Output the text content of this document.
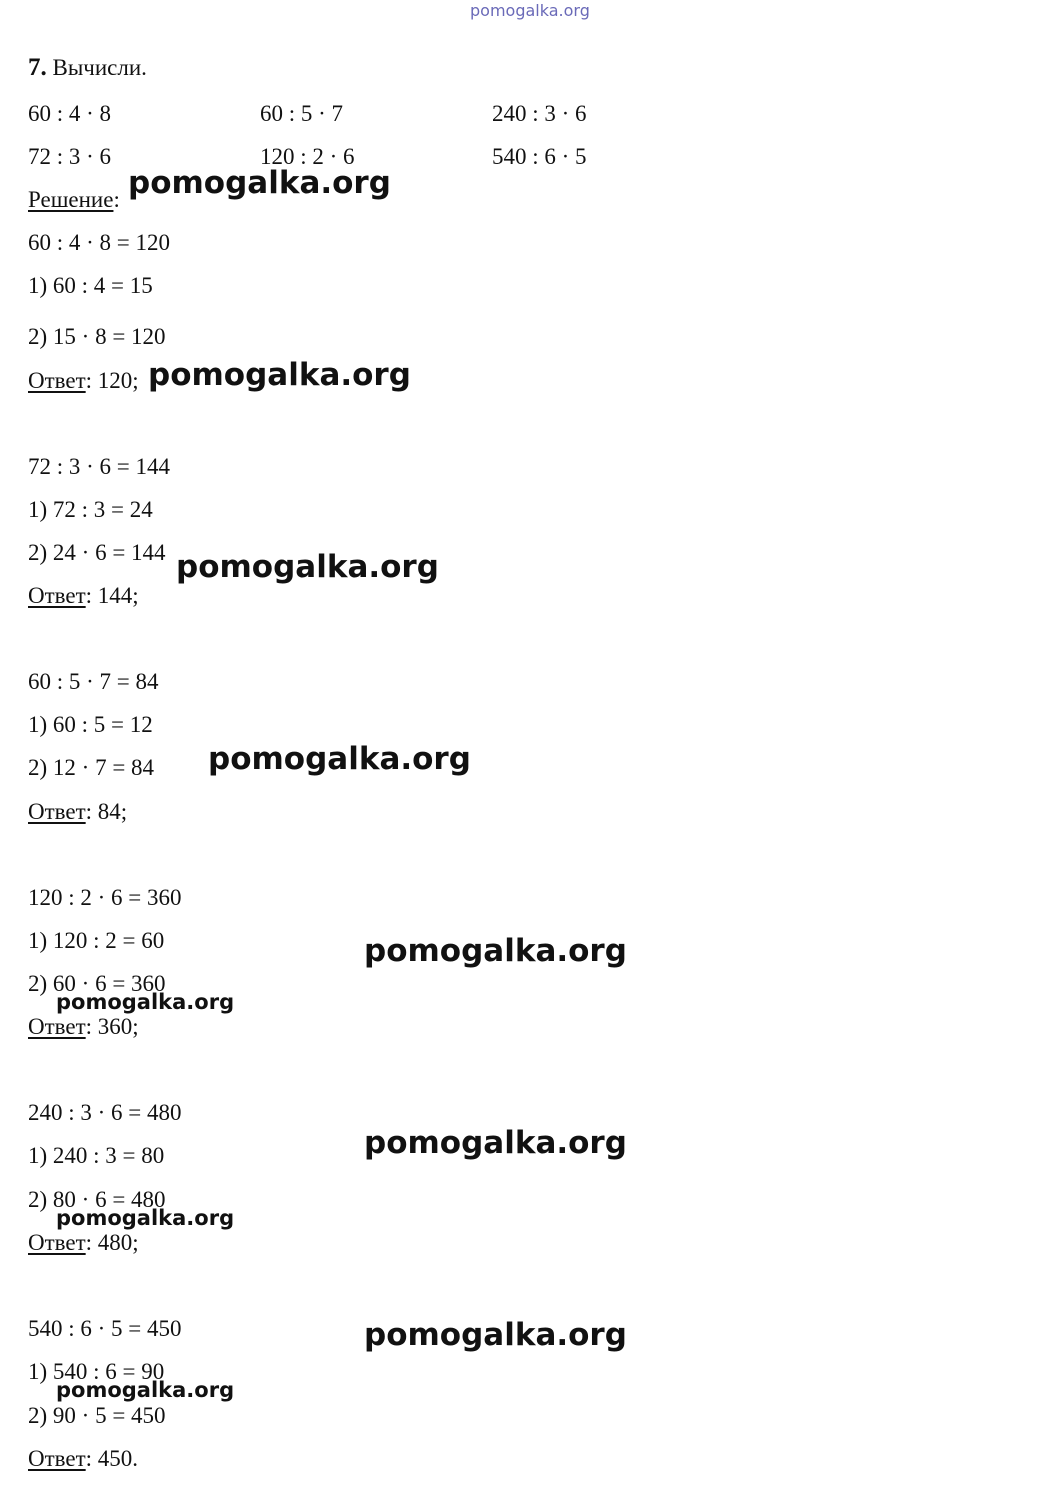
pomogalka.org
7. Вычисли.
60 : 4 · 8	60 : 5 · 7	240 : 3 · 6
72 : 3 · 6	120 : 2 · 6	540 : 6 · 5
Решение:
60 : 4 · 8 = 120
1) 60 : 4 = 15
2) 15 · 8 = 120
Ответ: 120;
72 : 3 · 6 = 144
1) 72 : 3 = 24
2) 24 · 6 = 144
Ответ: 144;
60 : 5 · 7 = 84
1) 60 : 5 = 12
2) 12 · 7 = 84
Ответ: 84;
120 : 2 · 6 = 360
1) 120 : 2 = 60
2) 60 · 6 = 360
Ответ: 360;
240 : 3 · 6 = 480
1) 240 : 3 = 80
2) 80 · 6 = 480
Ответ: 480;
540 : 6 · 5 = 450
1) 540 : 6 = 90
2) 90 · 5 = 450
Ответ: 450.
pomogalka.org
pomogalka.org
pomogalka.org
pomogalka.org
pomogalka.org
pomogalka.org
pomogalka.org
pomogalka.org
pomogalka.org
pomogalka.org
